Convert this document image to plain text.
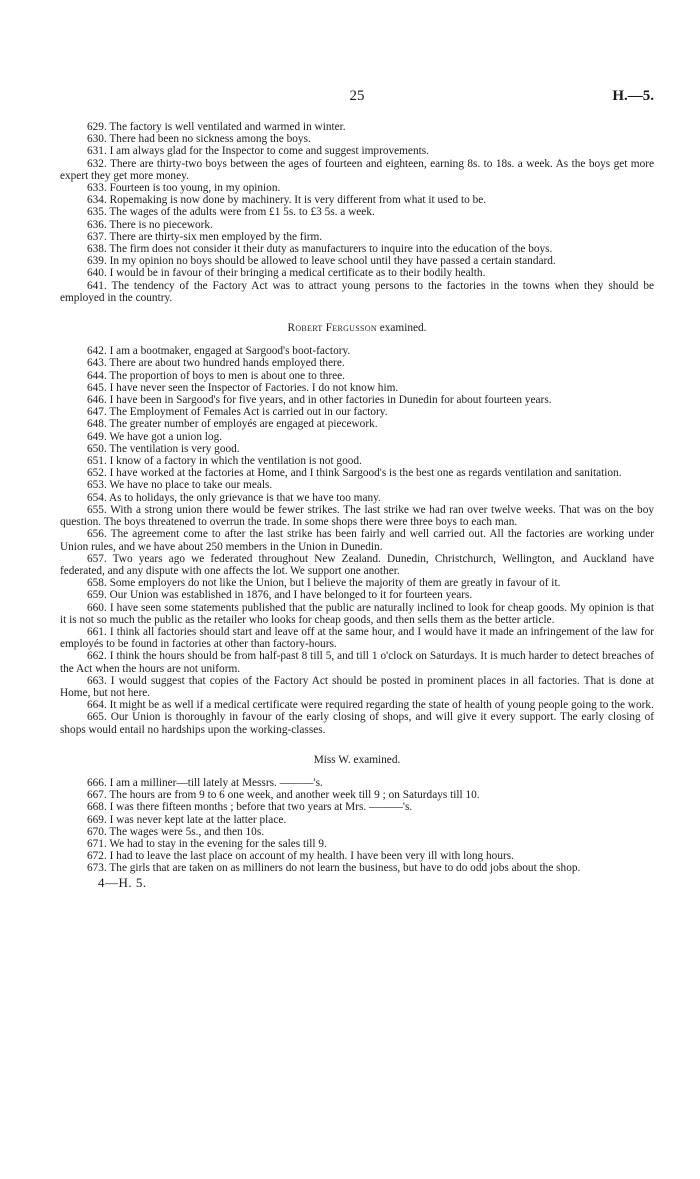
25	H.—5.

629. The factory is well ventilated and warmed in winter.

630. There had been no sickness among the boys.

631. I am always glad for the Inspector to come and suggest improvements.

632. There are thirty-two boys between the ages of fourteen and eighteen, earning 8s. to 18s. a week. As the boys get more expert they get more money.

633. Fourteen is too young, in my opinion.

634. Ropemaking is now done by machinery. It is very different from what it used to be.

635. The wages of the adults were from £1 5s. to £3 5s. a week.

636. There is no piecework.

637. There are thirty-six men employed by the firm.

638. The firm does not consider it their duty as manufacturers to inquire into the education of the boys.

639. In my opinion no boys should be allowed to leave school until they have passed a certain standard.

640. I would be in favour of their bringing a medical certificate as to their bodily health.

641. The tendency of the Factory Act was to attract young persons to the factories in the towns when they should be employed in the country.

Robert Fergusson examined.

642. I am a bootmaker, engaged at Sargood's boot-factory.

643. There are about two hundred hands employed there.

644. The proportion of boys to men is about one to three.

645. I have never seen the Inspector of Factories. I do not know him.

646. I have been in Sargood's for five years, and in other factories in Dunedin for about fourteen years.

647. The Employment of Females Act is carried out in our factory.

648. The greater number of employés are engaged at piecework.

649. We have got a union log.

650. The ventilation is very good.

651. I know of a factory in which the ventilation is not good.

652. I have worked at the factories at Home, and I think Sargood's is the best one as regards ventilation and sanitation.

653. We have no place to take our meals.

654. As to holidays, the only grievance is that we have too many.

655. With a strong union there would be fewer strikes. The last strike we had ran over twelve weeks. That was on the boy question. The boys threatened to overrun the trade. In some shops there were three boys to each man.

656. The agreement come to after the last strike has been fairly and well carried out. All the factories are working under Union rules, and we have about 250 members in the Union in Dunedin.

657. Two years ago we federated throughout New Zealand. Dunedin, Christchurch, Wellington, and Auckland have federated, and any dispute with one affects the lot. We support one another.

658. Some employers do not like the Union, but I believe the majority of them are greatly in favour of it.

659. Our Union was established in 1876, and I have belonged to it for fourteen years.

660. I have seen some statements published that the public are naturally inclined to look for cheap goods. My opinion is that it is not so much the public as the retailer who looks for cheap goods, and then sells them as the better article.

661. I think all factories should start and leave off at the same hour, and I would have it made an infringement of the law for employés to be found in factories at other than factory-hours.

662. I think the hours should be from half-past 8 till 5, and till 1 o'clock on Saturdays. It is much harder to detect breaches of the Act when the hours are not uniform.

663. I would suggest that copies of the Factory Act should be posted in prominent places in all factories. That is done at Home, but not here.

664. It might be as well if a medical certificate were required regarding the state of health of young people going to the work.

665. Our Union is thoroughly in favour of the early closing of shops, and will give it every support. The early closing of shops would entail no hardships upon the working-classes.

Miss W. examined.

666. I am a milliner—till lately at Messrs. ———'s.

667. The hours are from 9 to 6 one week, and another week till 9 ; on Saturdays till 10.

668. I was there fifteen months ; before that two years at Mrs. ———'s.

669. I was never kept late at the latter place.

670. The wages were 5s., and then 10s.

671. We had to stay in the evening for the sales till 9.

672. I had to leave the last place on account of my health. I have been very ill with long hours.

673. The girls that are taken on as milliners do not learn the business, but have to do odd jobs about the shop.

4—H. 5.
